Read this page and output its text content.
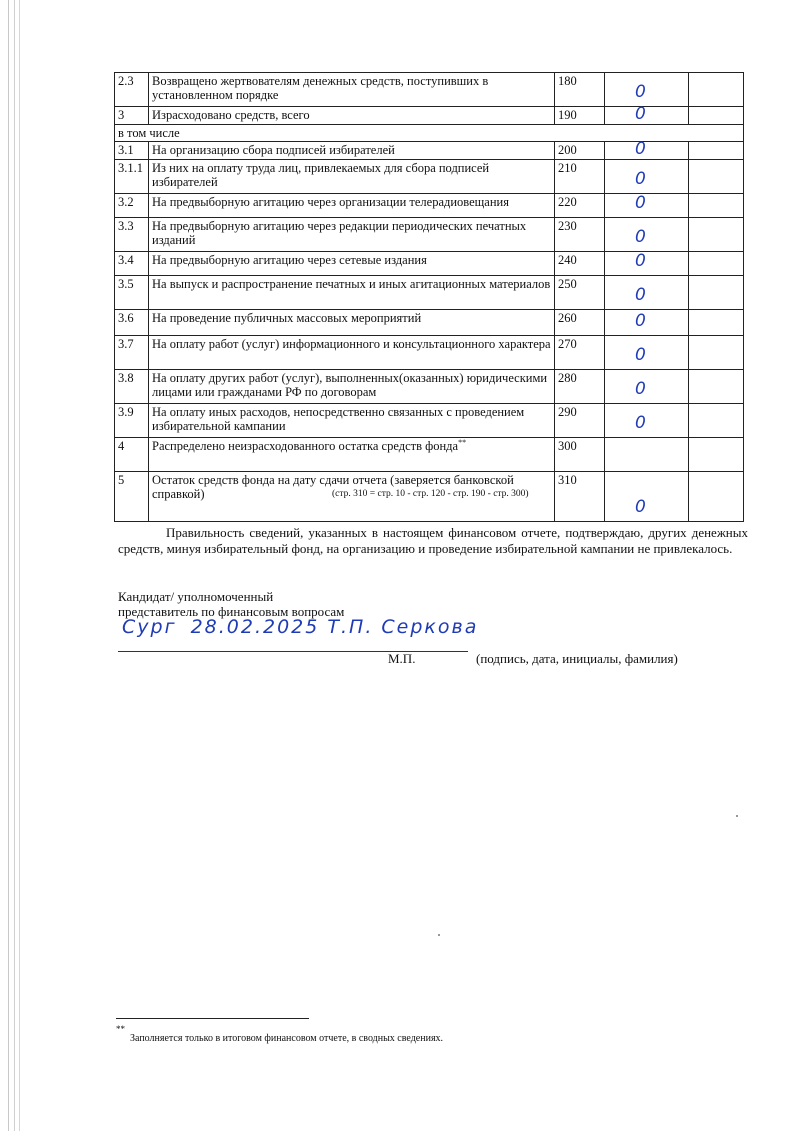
2.3	Возвращено жертвователям денежных средств, поступивших в установленном порядке	180	0	

3	Израсходовано средств, всего	190	0	

в том числе				
3.1	На организацию сбора подписей избирателей	200	0	

3.1.1	Из них на оплату труда лиц, привлекаемых для сбора подписей избирателей	210	0	

3.2	На предвыборную агитацию через организации телерадиовещания	220	0	

3.3	На предвыборную агитацию через редакции периодических печатных изданий	230	0	

3.4	На предвыборную агитацию через сетевые издания	240	0	

3.5	На выпуск и распространение печатных и иных агитационных материалов	250	0	

3.6	На проведение публичных массовых мероприятий	260	0	

3.7	На оплату работ (услуг) информационного и консультационного характера	270	0	

3.8	На оплату других работ (услуг), выполненных(оказанных) юридическими лицами или гражданами РФ по договорам	280	0	

3.9	На оплату иных расходов, непосредственно связанных с проведением избирательной кампании	290	0	

4	Распределено неизрасходованного остатка средств фонда**	300		
5	Остаток средств фонда на дату сдачи отчета (заверяется банковской справкой) (стр. 310 = стр. 10 - стр. 120 - стр. 190 - стр. 300)	310	0	

Правильность сведений, указанных в настоящем финансовом отчете, подтверждаю, других денежных средств, минуя избирательный фонд, на организацию и проведение избирательной кампании не привлекалось.
Кандидат/ уполномоченный
представитель по финансовым вопросам
Сург 28.02.2025 Т.П. Серкова
М.П.	(подпись, дата, инициалы, фамилия)
**
Заполняется только в итоговом финансовом отчете, в сводных сведениях.
